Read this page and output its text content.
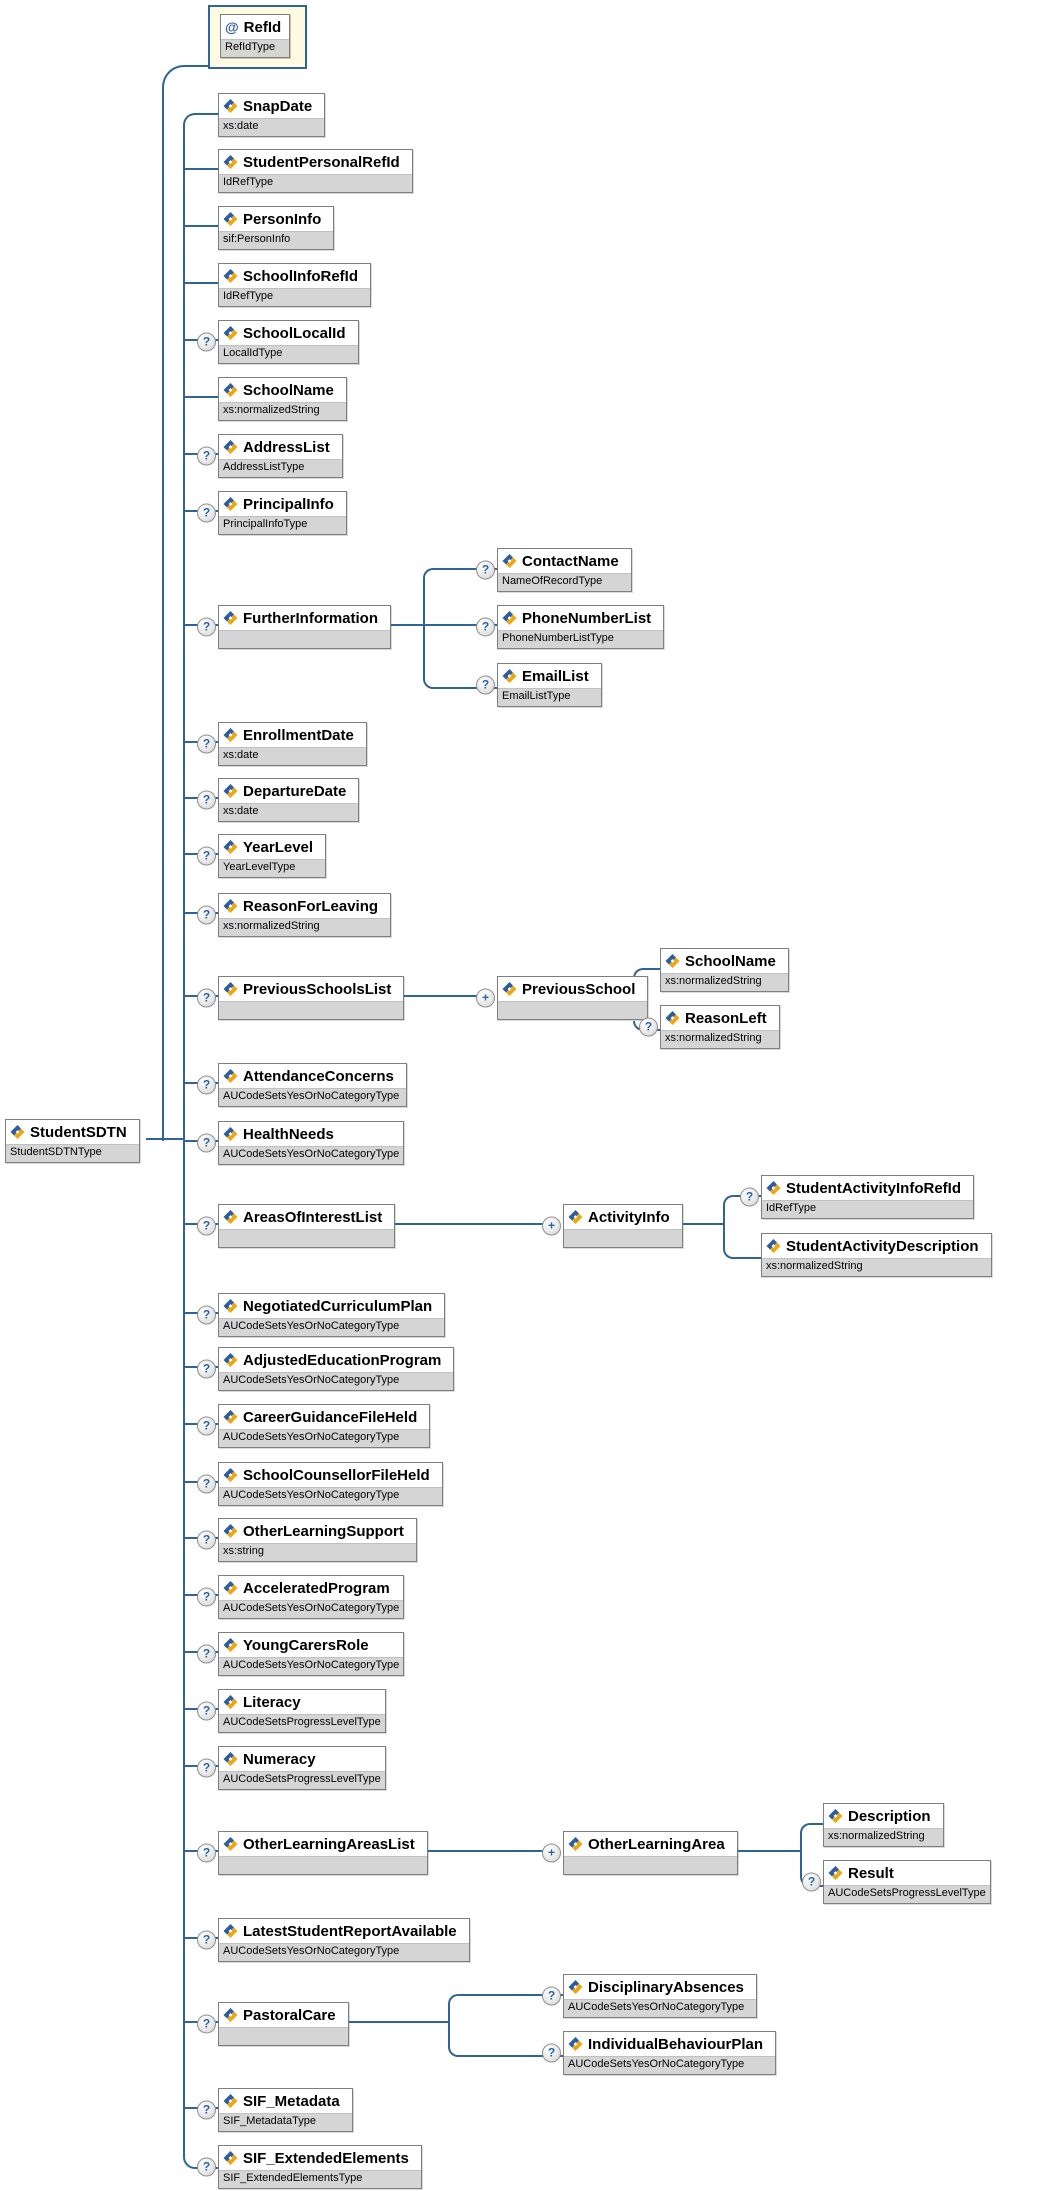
SnapDate
xs:date
StudentPersonalRefId
IdRefType
PersonInfo
sif:PersonInfo
SchoolInfoRefId
IdRefType
?	SchoolLocalId
LocalIdType
SchoolName
xs:normalizedString
?	AddressList
AddressListType
?	PrincipalInfo
PrincipalInfoType
?	ContactName
NameOfRecordType
?	FurtherInformation	?	PhoneNumberList
PhoneNumberListType
?	EmailList
EmailListType
?	EnrollmentDate
xs:date
?	DepartureDate
xs:date
?	YearLevel
YearLevelType
?	ReasonForLeaving
xs:normalizedString
?	PreviousSchoolsList	+	PreviousSchool
SchoolName
xs:normalizedString
?	ReasonLeft
xs:normalizedString
?	AttendanceConcerns
AUCodeSetsYesOrNoCategoryType
?	HealthNeeds
AUCodeSetsYesOrNoCategoryType
?	AreasOfInterestList	+	ActivityInfo
?	StudentActivityInfoRefId
IdRefType
StudentActivityDescription
xs:normalizedString
?	NegotiatedCurriculumPlan
AUCodeSetsYesOrNoCategoryType
?	AdjustedEducationProgram
AUCodeSetsYesOrNoCategoryType
?	CareerGuidanceFileHeld
AUCodeSetsYesOrNoCategoryType
?	SchoolCounsellorFileHeld
AUCodeSetsYesOrNoCategoryType
?	OtherLearningSupport
xs:string
?	AcceleratedProgram
AUCodeSetsYesOrNoCategoryType
?	YoungCarersRole
AUCodeSetsYesOrNoCategoryType
?	Literacy
AUCodeSetsProgressLevelType
?	Numeracy
AUCodeSetsProgressLevelType
?	OtherLearningAreasList	+	OtherLearningArea
Description
xs:normalizedString
?	Result
AUCodeSetsProgressLevelType
?	LatestStudentReportAvailable
AUCodeSetsYesOrNoCategoryType
?	PastoralCare
?	DisciplinaryAbsences
AUCodeSetsYesOrNoCategoryType
?	IndividualBehaviourPlan
AUCodeSetsYesOrNoCategoryType
?	SIF_Metadata
SIF_MetadataType
?	SIF_ExtendedElements
SIF_ExtendedElementsType
StudentSDTN
StudentSDTNType
@ RefId
RefIdType
